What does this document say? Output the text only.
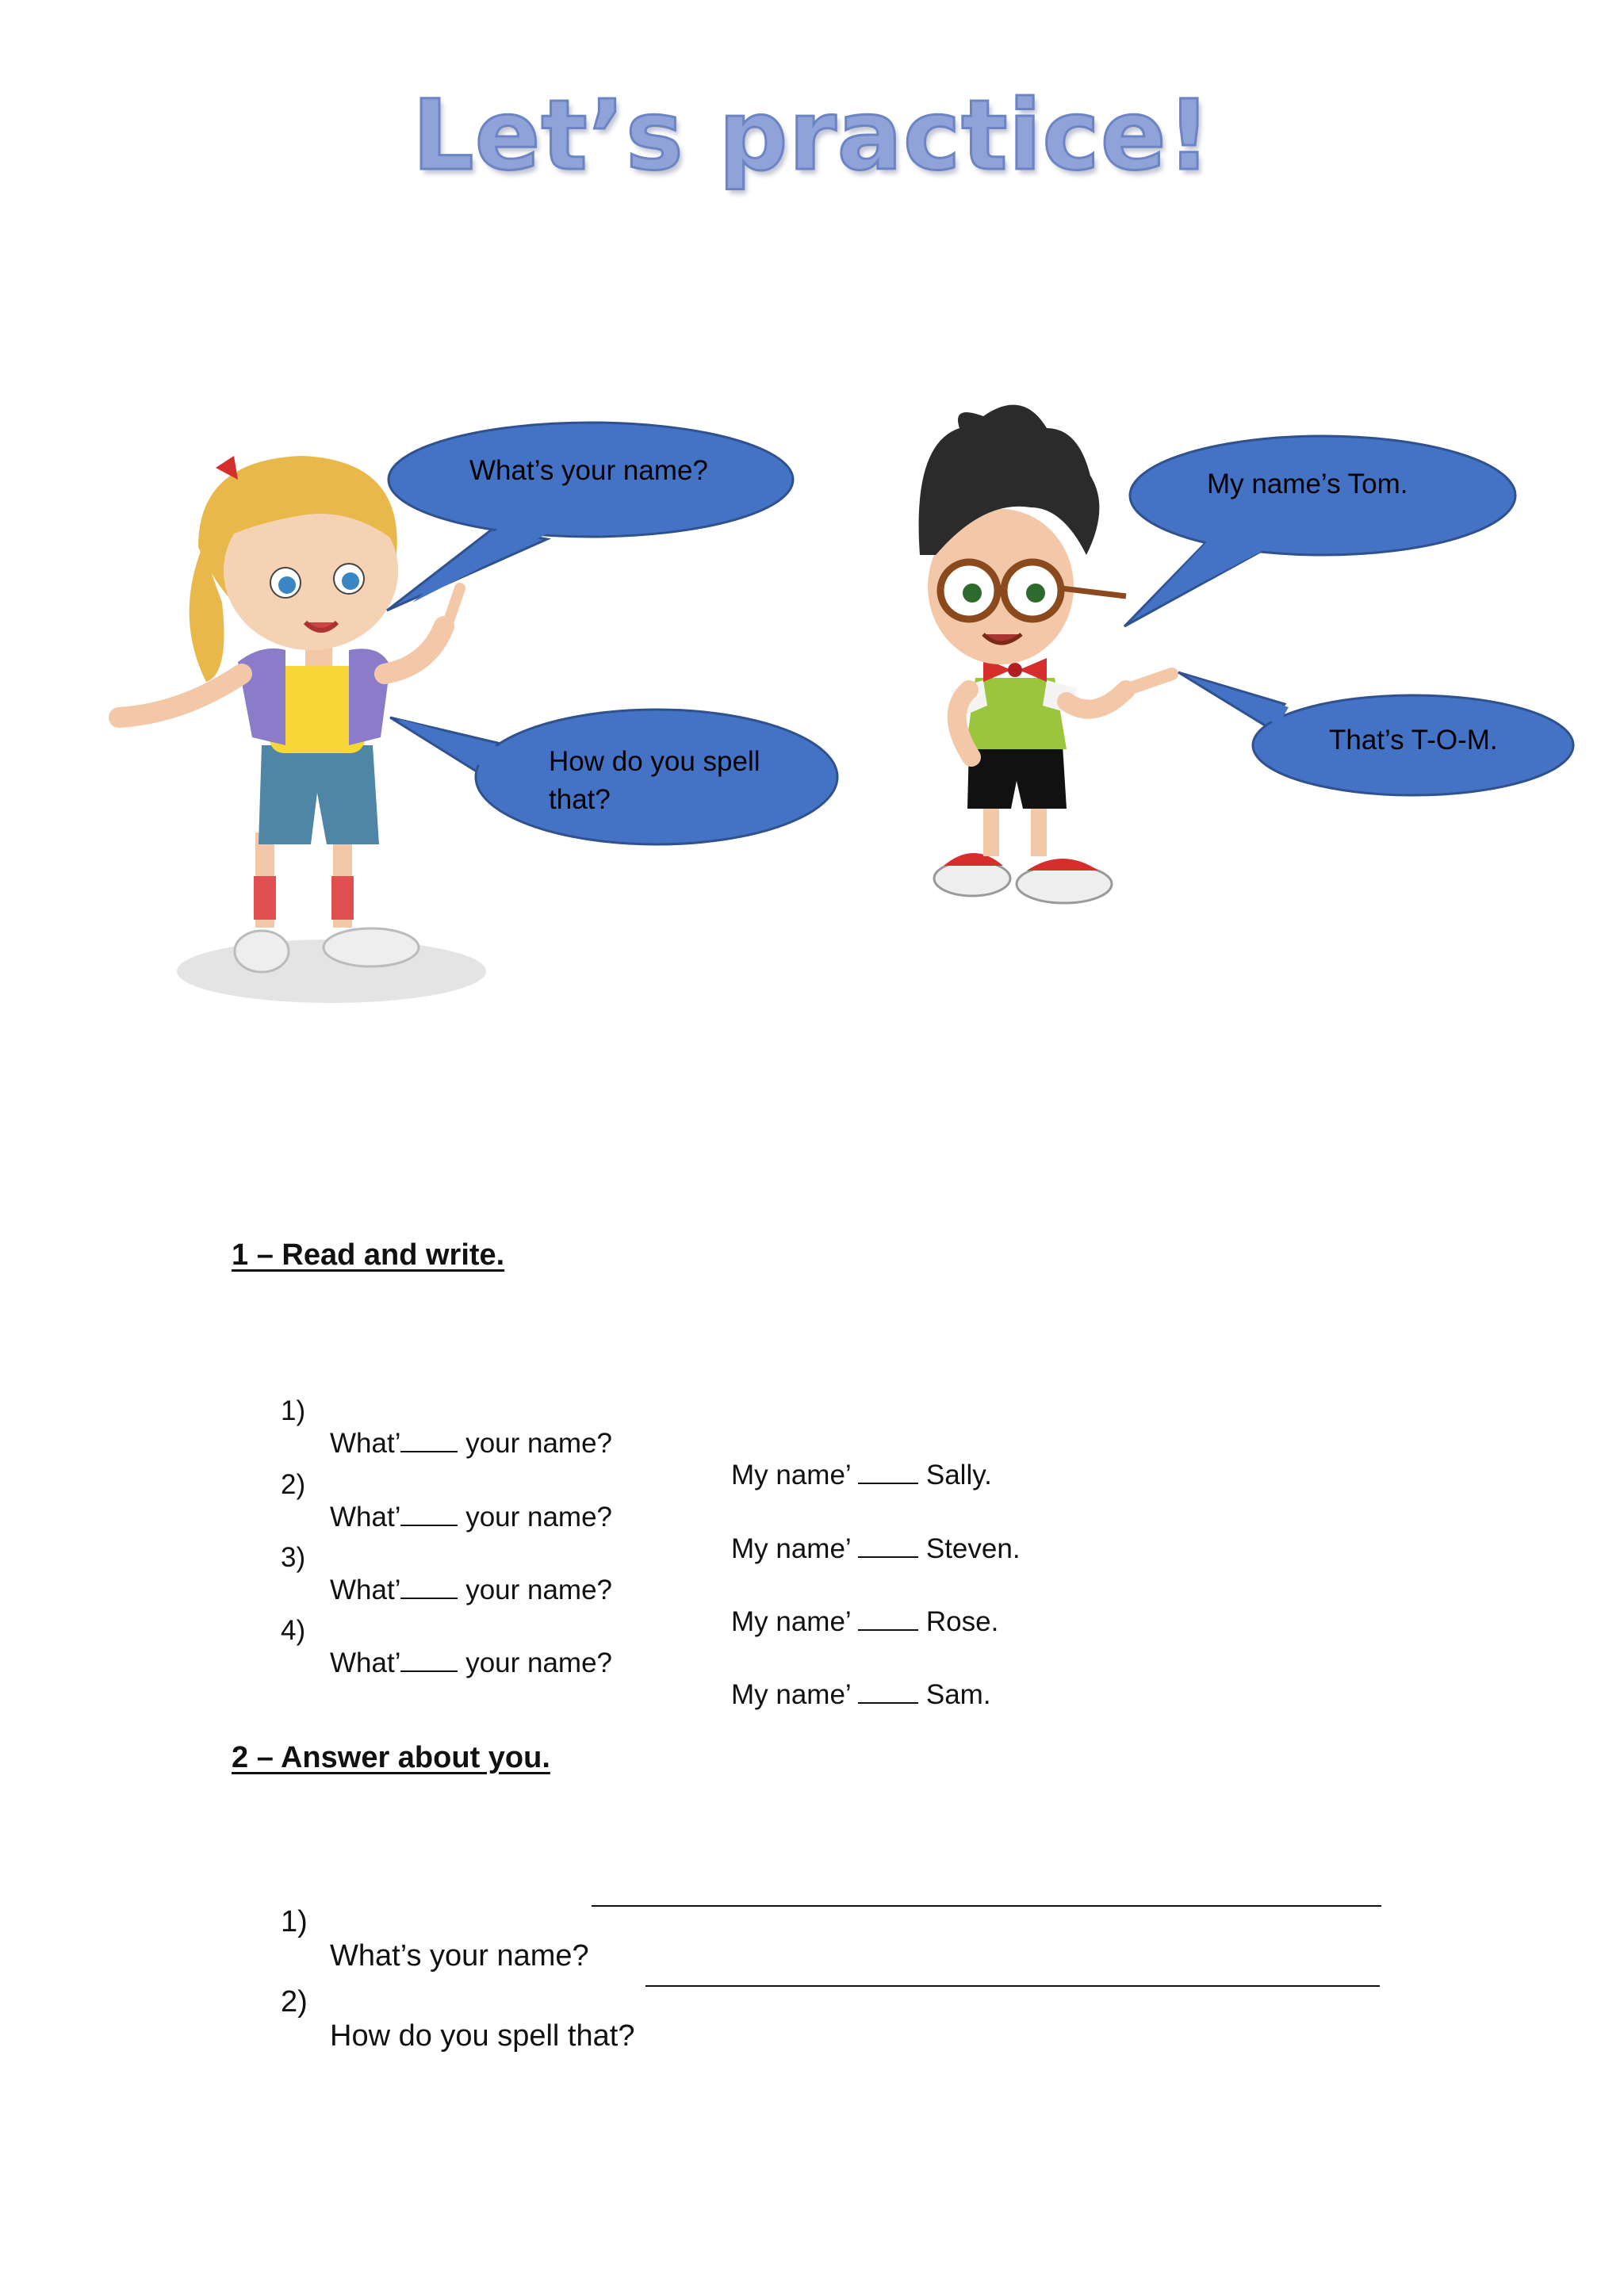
Let’s practice!
What’s your name?
How do you spell
that?
My name’s Tom.
That’s T-O-M.
1 – Read and write.

1)

What’ your name?

My name’  Sally.

2)

What’ your name?

My name’  Steven.

3)

What’ your name?

My name’  Rose.

4)

What’ your name?

My name’  Sam.

2 – Answer about you.

1)

What’s your name?

2)

How do you spell that?
